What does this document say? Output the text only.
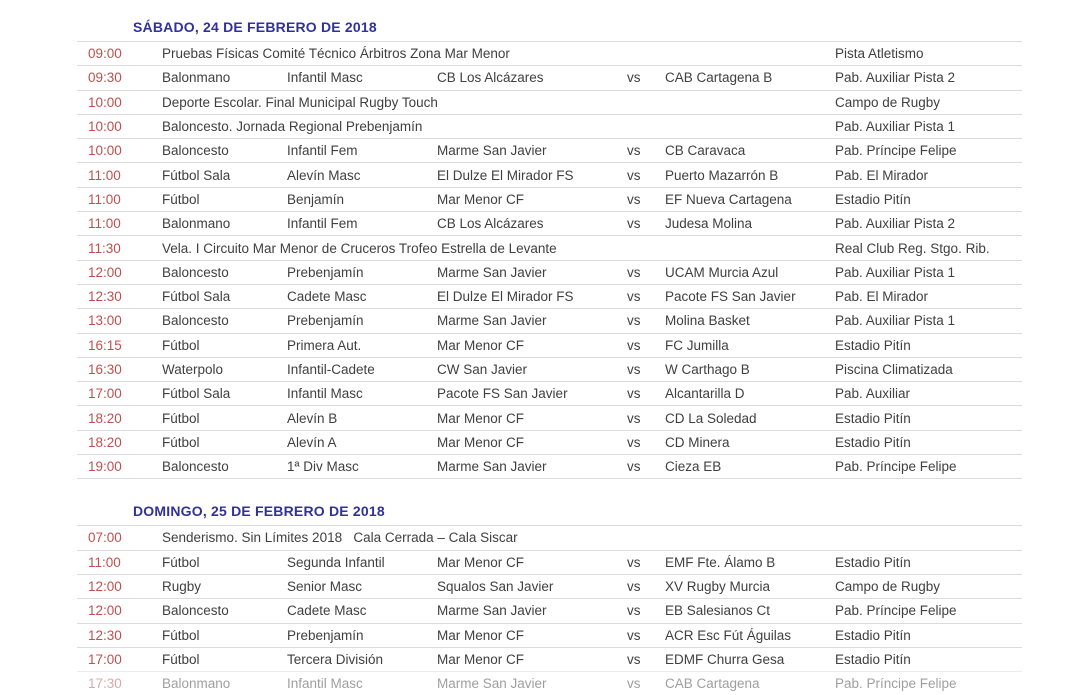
SÁBADO, 24 DE FEBRERO DE 2018
09:00	Pruebas Físicas Comité Técnico Árbitros Zona Mar Menor	Pista Atletismo
09:30	Balonmano	Infantil Masc	CB Los Alcázares	vs	CAB Cartagena B	Pab. Auxiliar Pista 2
10:00	Deporte Escolar. Final Municipal Rugby Touch	Campo de Rugby
10:00	Baloncesto. Jornada Regional Prebenjamín	Pab. Auxiliar Pista 1
10:00	Baloncesto	Infantil Fem	Marme San Javier	vs	CB Caravaca	Pab. Príncipe Felipe
11:00	Fútbol Sala	Alevín Masc	El Dulze El Mirador FS	vs	Puerto Mazarrón B	Pab. El Mirador
11:00	Fútbol	Benjamín	Mar Menor CF	vs	EF Nueva Cartagena	Estadio Pitín
11:00	Balonmano	Infantil Fem	CB Los Alcázares	vs	Judesa Molina	Pab. Auxiliar Pista 2
11:30	Vela. I Circuito Mar Menor de Cruceros Trofeo Estrella de Levante	Real Club Reg. Stgo. Rib.
12:00	Baloncesto	Prebenjamín	Marme San Javier	vs	UCAM Murcia Azul	Pab. Auxiliar Pista 1
12:30	Fútbol Sala	Cadete Masc	El Dulze El Mirador FS	vs	Pacote FS San Javier	Pab. El Mirador
13:00	Baloncesto	Prebenjamín	Marme San Javier	vs	Molina Basket	Pab. Auxiliar Pista 1
16:15	Fútbol	Primera Aut.	Mar Menor CF	vs	FC Jumilla	Estadio Pitín
16:30	Waterpolo	Infantil-Cadete	CW San Javier	vs	W Carthago B	Piscina Climatizada
17:00	Fútbol Sala	Infantil Masc	Pacote FS San Javier	vs	Alcantarilla D	Pab. Auxiliar
18:20	Fútbol	Alevín B	Mar Menor CF	vs	CD La Soledad	Estadio Pitín
18:20	Fútbol	Alevín A	Mar Menor CF	vs	CD Minera	Estadio Pitín
19:00	Baloncesto	1ª Div Masc	Marme San Javier	vs	Cieza EB	Pab. Príncipe Felipe
DOMINGO, 25 DE FEBRERO DE 2018
07:00	Senderismo. Sin Límites 2018   Cala Cerrada – Cala Siscar
11:00	Fútbol	Segunda Infantil	Mar Menor CF	vs	EMF Fte. Álamo B	Estadio Pitín
12:00	Rugby	Senior Masc	Squalos San Javier	vs	XV Rugby Murcia	Campo de Rugby
12:00	Baloncesto	Cadete Masc	Marme San Javier	vs	EB Salesianos Ct	Pab. Príncipe Felipe
12:30	Fútbol	Prebenjamín	Mar Menor CF	vs	ACR Esc Fút Águilas	Estadio Pitín
17:00	Fútbol	Tercera División	Mar Menor CF	vs	EDMF Churra Gesa	Estadio Pitín
17:30	Balonmano	Infantil Masc	Marme San Javier	vs	CAB Cartagena	Pab. Príncipe Felipe
